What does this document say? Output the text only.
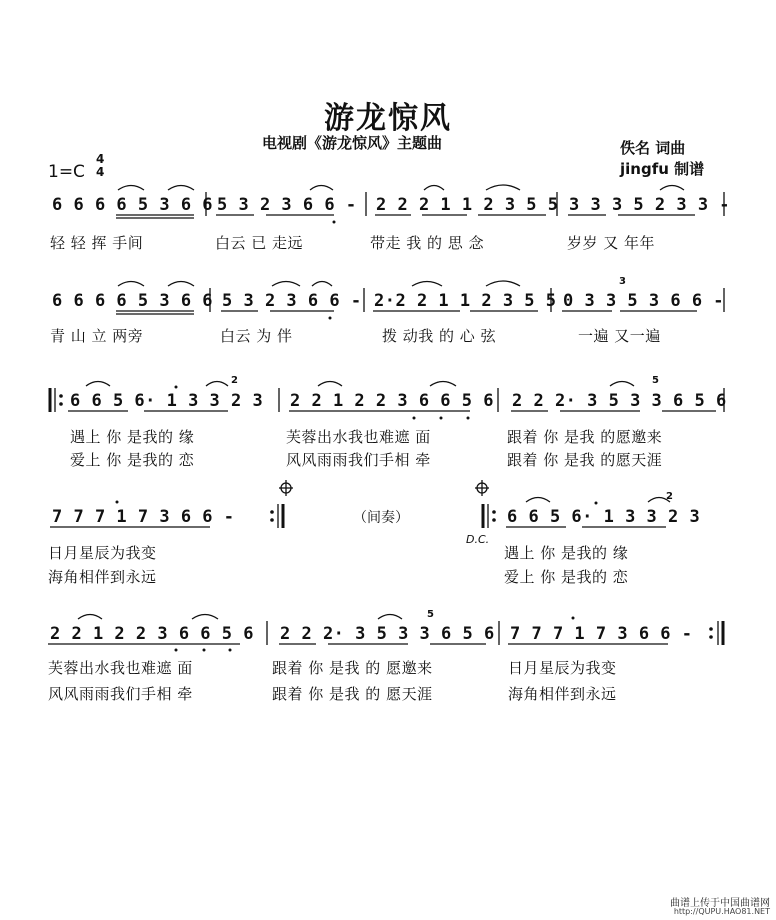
游龙惊风
电视剧《游龙惊风》主题曲	佚名 词曲
jingfu 制谱
1=C
4
4
6 6 6 6 5 3 6 6 5 3 2 3 6 6 - 2 2 2 1 1 2 3 5 5 3 3 3 5 2 3 3 -
轻 轻 挥 手间	白云 已 走远	带走 我 的 思 念	岁岁 又 年年
6 6 6 6 5 3 6 6 5 3 2 3 6 6 - 2·2 2 1 1 2 3 5 5 0 3 3 5 3 6 6 -
青 山 立 两旁	白云 为 伴	拨 动我 的 心 弦	一遍 又一遍
6 6 5 6· 1 3 3 2 3 2 2 1 2 2 3 6 6 5 6 2 2 2· 3 5 3 3 6 5 6
遇上 你 是我的 缘	芙蓉出水我也难遮 面	跟着 你 是我 的愿邀来
爱上 你 是我的 恋	风风雨雨我们手相 牵	跟着 你 是我 的愿天涯
7 7 7 1 7 3 6 6 -	（间奏）	6 6 5 6· 1 3 3 2 3
D.C.
日月星辰为我变	遇上 你 是我的 缘
海角相伴到永远	爱上 你 是我的 恋
2 2 1 2 2 3 6 6 5 6 2 2 2· 3 5 3 3 6 5 6 7 7 7 1 7 3 6 6 -
芙蓉出水我也难遮 面	跟着 你 是我 的 愿邀来	日月星辰为我变
风风雨雨我们手相 牵	跟着 你 是我 的 愿天涯	海角相伴到永远
2	5
3
2
5
曲谱上传于中国曲谱网
http://QUPU.HAO81.NET
